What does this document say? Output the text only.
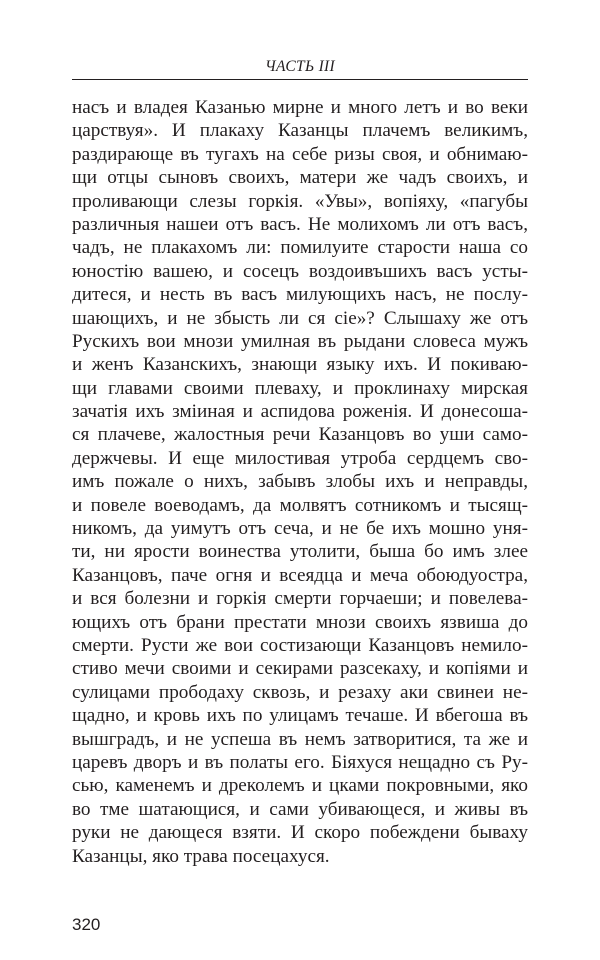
ЧАСТЬ III
насъ и владея Казанью мирне и много летъ и во веки
царствуя». И плакаху Казанцы плачемъ великимъ,
раздирающе въ тугахъ на себе ризы своя, и обнимаю-
щи отцы сыновъ своихъ, матери же чадъ своихъ, и
проливающи слезы горкія. «Увы», вопіяху, «пагубы
различныя нашеи отъ васъ. Не молихомъ ли отъ васъ,
чадъ, не плакахомъ ли: помилуите старости наша со
юностію вашею, и сосецъ воздоивъшихъ васъ усты-
дитеся, и несть въ васъ милующихъ насъ, не послу-
шающихъ, и не збысть ли ся сіе»? Слышаху же отъ
Рускихъ вои мнози умилная въ рыдани словеса мужъ
и женъ Казанскихъ, знающи языку ихъ. И покиваю-
щи главами своими плеваху, и проклинаху мирская
зачатія ихъ зміиная и аспидова роженія. И донесоша-
ся плачеве, жалостныя речи Казанцовъ во уши само-
держчевы. И еще милостивая утроба сердцемъ сво-
имъ пожале о нихъ, забывъ злобы ихъ и неправды,
и повеле воеводамъ, да молвятъ сотникомъ и тысящ-
никомъ, да уимутъ отъ сеча, и не бе ихъ мошно уня-
ти, ни ярости воинества утолити, быша бо имъ злее
Казанцовъ, паче огня и всеядца и меча обоюдуостра,
и вся болезни и горкія смерти горчаеши; и повелева-
ющихъ отъ брани престати мнози своихъ язвиша до
смерти. Русти же вои состизающи Казанцовъ немило-
стиво мечи своими и секирами разсекаху, и копіями и
сулицами прободаху сквозь, и резаху аки свинеи не-
щадно, и кровь ихъ по улицамъ течаше. И вбегоша въ
вышградъ, и не успеша въ немъ затворитися, та же и
царевъ дворъ и въ полаты его. Біяхуся нещадно съ Ру-
сью, каменемъ и дреколемъ и цками покровными, яко
во тме шатающися, и сами убивающеся, и живы въ
руки не дающеся взяти. И скоро побеждени бываху
Казанцы, яко трава посецахуся.
320
